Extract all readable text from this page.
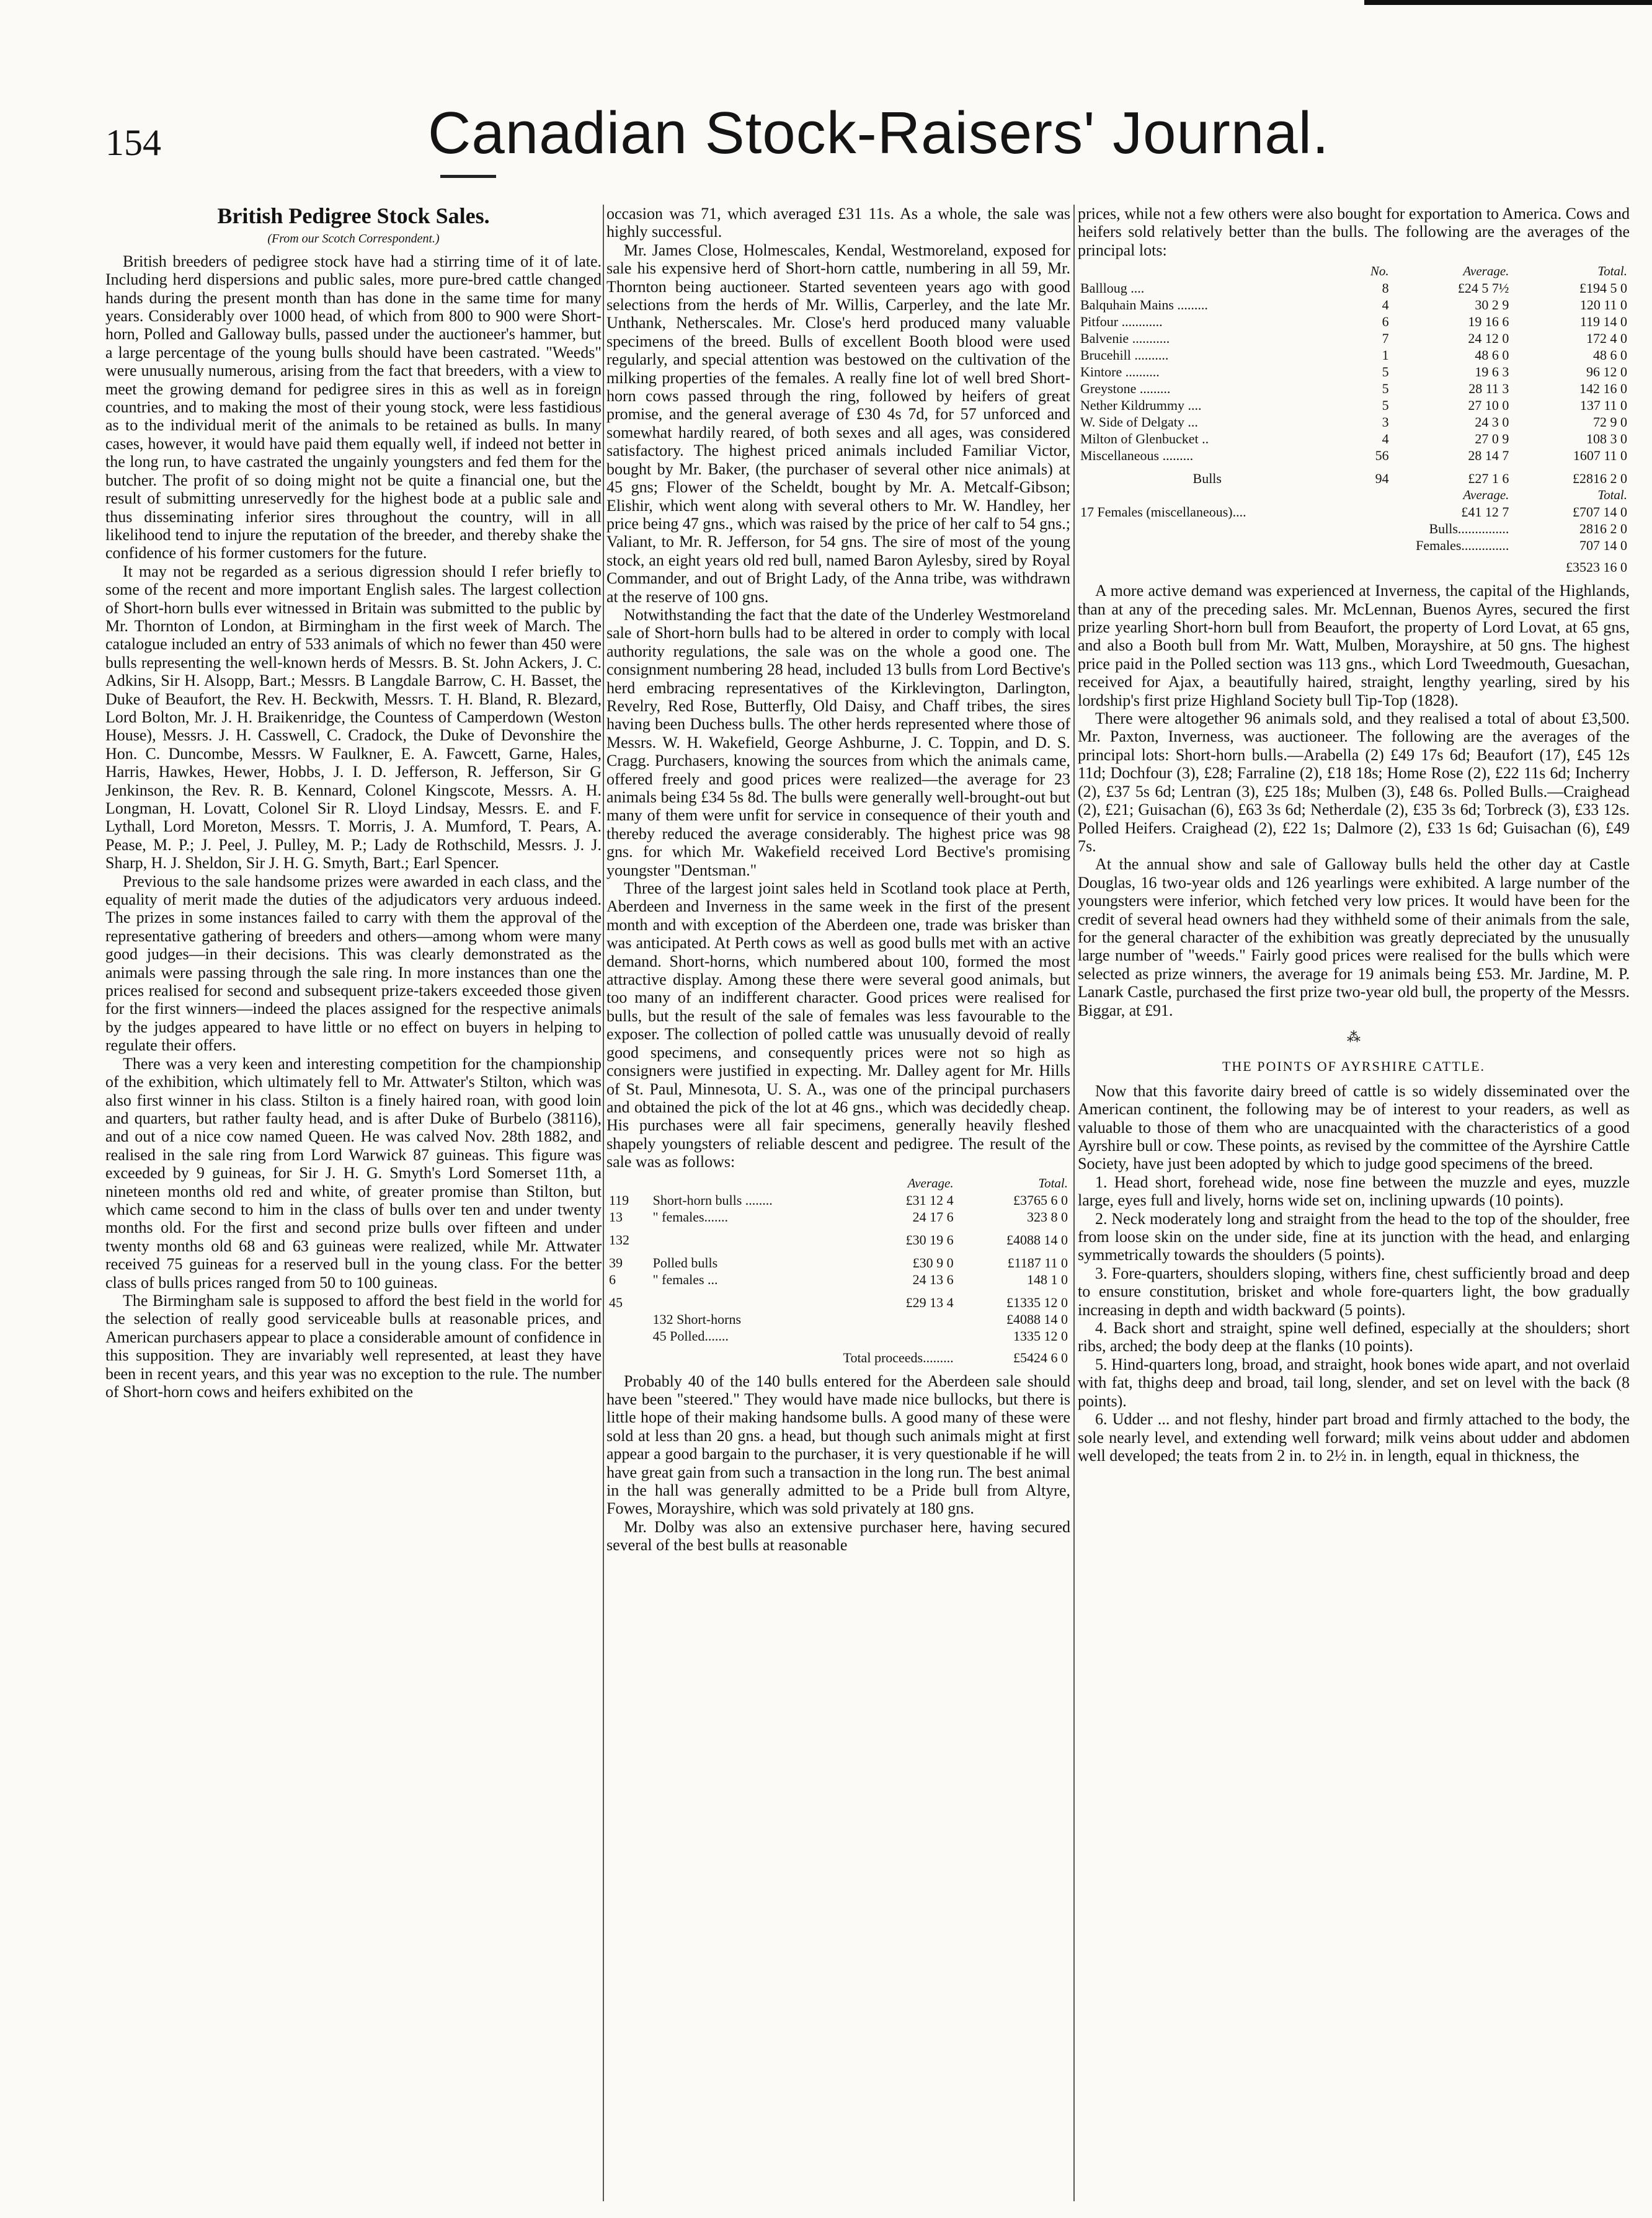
154	Canadian Stock-Raisers' Journal.
British Pedigree Stock Sales.
(From our Scotch Correspondent.)

British breeders of pedigree stock have had a stirring time of it of late. Including herd dispersions and public sales, more pure-bred cattle changed hands during the present month than has done in the same time for many years. Considerably over 1000 head, of which from 800 to 900 were Short-horn, Polled and Galloway bulls, passed under the auctioneer's hammer, but a large percentage of the young bulls should have been castrated. "Weeds" were unusually numerous, arising from the fact that breeders, with a view to meet the growing demand for pedigree sires in this as well as in foreign countries, and to making the most of their young stock, were less fastidious as to the individual merit of the animals to be retained as bulls. In many cases, however, it would have paid them equally well, if indeed not better in the long run, to have castrated the ungainly youngsters and fed them for the butcher. The profit of so doing might not be quite a financial one, but the result of submitting unreservedly for the highest bode at a public sale and thus disseminating inferior sires throughout the country, will in all likelihood tend to injure the reputation of the breeder, and thereby shake the confidence of his former customers for the future.

It may not be regarded as a serious digression should I refer briefly to some of the recent and more important English sales. The largest collection of Short-horn bulls ever witnessed in Britain was submitted to the public by Mr. Thornton of London, at Birmingham in the first week of March. The catalogue included an entry of 533 animals of which no fewer than 450 were bulls representing the well-known herds of Messrs. B. St. John Ackers, J. C. Adkins, Sir H. Alsopp, Bart.; Messrs. B Langdale Barrow, C. H. Basset, the Duke of Beaufort, the Rev. H. Beckwith, Messrs. T. H. Bland, R. Blezard, Lord Bolton, Mr. J. H. Braikenridge, the Countess of Camperdown (Weston House), Messrs. J. H. Casswell, C. Cradock, the Duke of Devonshire the Hon. C. Duncombe, Messrs. W Faulkner, E. A. Fawcett, Garne, Hales, Harris, Hawkes, Hewer, Hobbs, J. I. D. Jefferson, R. Jefferson, Sir G Jenkinson, the Rev. R. B. Kennard, Colonel Kingscote, Messrs. A. H. Longman, H. Lovatt, Colonel Sir R. Lloyd Lindsay, Messrs. E. and F. Lythall, Lord Moreton, Messrs. T. Morris, J. A. Mumford, T. Pears, A. Pease, M. P.; J. Peel, J. Pulley, M. P.; Lady de Rothschild, Messrs. J. J. Sharp, H. J. Sheldon, Sir J. H. G. Smyth, Bart.; Earl Spencer.

Previous to the sale handsome prizes were awarded in each class, and the equality of merit made the duties of the adjudicators very arduous indeed. The prizes in some instances failed to carry with them the approval of the representative gathering of breeders and others—among whom were many good judges—in their decisions. This was clearly demonstrated as the animals were passing through the sale ring. In more instances than one the prices realised for second and subsequent prize-takers exceeded those given for the first winners—indeed the places assigned for the respective animals by the judges appeared to have little or no effect on buyers in helping to regulate their offers.

There was a very keen and interesting competition for the championship of the exhibition, which ultimately fell to Mr. Attwater's Stilton, which was also first winner in his class. Stilton is a finely haired roan, with good loin and quarters, but rather faulty head, and is after Duke of Burbelo (38116), and out of a nice cow named Queen. He was calved Nov. 28th 1882, and realised in the sale ring from Lord Warwick 87 guineas. This figure was exceeded by 9 guineas, for Sir J. H. G. Smyth's Lord Somerset 11th, a nineteen months old red and white, of greater promise than Stilton, but which came second to him in the class of bulls over ten and under twenty months old. For the first and second prize bulls over fifteen and under twenty months old 68 and 63 guineas were realized, while Mr. Attwater received 75 guineas for a reserved bull in the young class. For the better class of bulls prices ranged from 50 to 100 guineas.

The Birmingham sale is supposed to afford the best field in the world for the selection of really good serviceable bulls at reasonable prices, and American purchasers appear to place a considerable amount of confidence in this supposition. They are invariably well represented, at least they have been in recent years, and this year was no exception to the rule. The number of Short-horn cows and heifers exhibited on the

occasion was 71, which averaged £31 11s. As a whole, the sale was highly successful.

Mr. James Close, Holmescales, Kendal, Westmoreland, exposed for sale his expensive herd of Short-horn cattle, numbering in all 59, Mr. Thornton being auctioneer. Started seventeen years ago with good selections from the herds of Mr. Willis, Carperley, and the late Mr. Unthank, Netherscales. Mr. Close's herd produced many valuable specimens of the breed. Bulls of excellent Booth blood were used regularly, and special attention was bestowed on the cultivation of the milking properties of the females. A really fine lot of well bred Short-horn cows passed through the ring, followed by heifers of great promise, and the general average of £30 4s 7d, for 57 unforced and somewhat hardily reared, of both sexes and all ages, was considered satisfactory. The highest priced animals included Familiar Victor, bought by Mr. Baker, (the purchaser of several other nice animals) at 45 gns; Flower of the Scheldt, bought by Mr. A. Metcalf-Gibson; Elishir, which went along with several others to Mr. W. Handley, her price being 47 gns., which was raised by the price of her calf to 54 gns.; Valiant, to Mr. R. Jefferson, for 54 gns. The sire of most of the young stock, an eight years old red bull, named Baron Aylesby, sired by Royal Commander, and out of Bright Lady, of the Anna tribe, was withdrawn at the reserve of 100 gns.

Notwithstanding the fact that the date of the Underley Westmoreland sale of Short-horn bulls had to be altered in order to comply with local authority regulations, the sale was on the whole a good one. The consignment numbering 28 head, included 13 bulls from Lord Bective's herd embracing representatives of the Kirklevington, Darlington, Revelry, Red Rose, Butterfly, Old Daisy, and Chaff tribes, the sires having been Duchess bulls. The other herds represented where those of Messrs. W. H. Wakefield, George Ashburne, J. C. Toppin, and D. S. Cragg. Purchasers, knowing the sources from which the animals came, offered freely and good prices were realized—the average for 23 animals being £34 5s 8d. The bulls were generally well-brought-out but many of them were unfit for service in consequence of their youth and thereby reduced the average considerably. The highest price was 98 gns. for which Mr. Wakefield received Lord Bective's promising youngster "Dentsman."

Three of the largest joint sales held in Scotland took place at Perth, Aberdeen and Inverness in the same week in the first of the present month and with exception of the Aberdeen one, trade was brisker than was anticipated. At Perth cows as well as good bulls met with an active demand. Short-horns, which numbered about 100, formed the most attractive display. Among these there were several good animals, but too many of an indifferent character. Good prices were realised for bulls, but the result of the sale of females was less favourable to the exposer. The collection of polled cattle was unusually devoid of really good specimens, and consequently prices were not so high as consigners were justified in expecting. Mr. Dalley agent for Mr. Hills of St. Paul, Minnesota, U. S. A., was one of the principal purchasers and obtained the pick of the lot at 46 gns., which was decidedly cheap. His purchases were all fair specimens, generally heavily fleshed shapely youngsters of reliable descent and pedigree. The result of the sale was as follows:

		Average.	Total.
119	Short-horn bulls ........	£31 12 4	£3765 6 0
13	" females.......	24 17 6	323 8 0
132		£30 19 6	£4088 14 0
39	Polled bulls	£30 9 0	£1187 11 0
6	" females ...	24 13 6	148 1 0
45		£29 13 4	£1335 12 0
	132 Short-horns		£4088 14 0
	45 Polled.......		1335 12 0
	Total proceeds.........		£5424 6 0

Probably 40 of the 140 bulls entered for the Aberdeen sale should have been "steered." They would have made nice bullocks, but there is little hope of their making handsome bulls. A good many of these were sold at less than 20 gns. a head, but though such animals might at first appear a good bargain to the purchaser, it is very questionable if he will have great gain from such a transaction in the long run. The best animal in the hall was generally admitted to be a Pride bull from Altyre, Fowes, Morayshire, which was sold privately at 180 gns.

Mr. Dolby was also an extensive purchaser here, having secured several of the best bulls at reasonable

prices, while not a few others were also bought for exportation to America. Cows and heifers sold relatively better than the bulls. The following are the averages of the principal lots:

	No.	Average.	Total.
Ballloug ....	8	£24 5 7½	£194 5 0
Balquhain Mains .........	4	30 2 9	120 11 0
Pitfour ............	6	19 16 6	119 14 0
Balvenie ...........	7	24 12 0	172 4 0
Brucehill ..........	1	48 6 0	48 6 0
Kintore ..........	5	19 6 3	96 12 0
Greystone .........	5	28 11 3	142 16 0
Nether Kildrummy ....	5	27 10 0	137 11 0
W. Side of Delgaty ...	3	24 3 0	72 9 0
Milton of Glenbucket ..	4	27 0 9	108 3 0
Miscellaneous .........	56	28 14 7	1607 11 0
Bulls	94	£27 1 6	£2816 2 0
		Average.	Total.
17 Females (miscellaneous)....		£41 12 7	£707 14 0
	Bulls...............		2816 2 0
	Females..............		707 14 0
			£3523 16 0

A more active demand was experienced at Inverness, the capital of the Highlands, than at any of the preceding sales. Mr. McLennan, Buenos Ayres, secured the first prize yearling Short-horn bull from Beaufort, the property of Lord Lovat, at 65 gns, and also a Booth bull from Mr. Watt, Mulben, Morayshire, at 50 gns. The highest price paid in the Polled section was 113 gns., which Lord Tweedmouth, Guesachan, received for Ajax, a beautifully haired, straight, lengthy yearling, sired by his lordship's first prize Highland Society bull Tip-Top (1828).

There were altogether 96 animals sold, and they realised a total of about £3,500. Mr. Paxton, Inverness, was auctioneer. The following are the averages of the principal lots: Short-horn bulls.—Arabella (2) £49 17s 6d; Beaufort (17), £45 12s 11d; Dochfour (3), £28; Farraline (2), £18 18s; Home Rose (2), £22 11s 6d; Incherry (2), £37 5s 6d; Lentran (3), £25 18s; Mulben (3), £48 6s. Polled Bulls.—Craighead (2), £21; Guisachan (6), £63 3s 6d; Netherdale (2), £35 3s 6d; Torbreck (3), £33 12s. Polled Heifers. Craighead (2), £22 1s; Dalmore (2), £33 1s 6d; Guisachan (6), £49 7s.

At the annual show and sale of Galloway bulls held the other day at Castle Douglas, 16 two-year olds and 126 yearlings were exhibited. A large number of the youngsters were inferior, which fetched very low prices. It would have been for the credit of several head owners had they withheld some of their animals from the sale, for the general character of the exhibition was greatly depreciated by the unusually large number of "weeds." Fairly good prices were realised for the bulls which were selected as prize winners, the average for 19 animals being £53. Mr. Jardine, M. P. Lanark Castle, purchased the first prize two-year old bull, the property of the Messrs. Biggar, at £91.

⁂
THE POINTS OF AYRSHIRE CATTLE.

Now that this favorite dairy breed of cattle is so widely disseminated over the American continent, the following may be of interest to your readers, as well as valuable to those of them who are unacquainted with the characteristics of a good Ayrshire bull or cow. These points, as revised by the committee of the Ayrshire Cattle Society, have just been adopted by which to judge good specimens of the breed.

1. Head short, forehead wide, nose fine between the muzzle and eyes, muzzle large, eyes full and lively, horns wide set on, inclining upwards (10 points).

2. Neck moderately long and straight from the head to the top of the shoulder, free from loose skin on the under side, fine at its junction with the head, and enlarging symmetrically towards the shoulders (5 points).

3. Fore-quarters, shoulders sloping, withers fine, chest sufficiently broad and deep to ensure constitution, brisket and whole fore-quarters light, the bow gradually increasing in depth and width backward (5 points).

4. Back short and straight, spine well defined, especially at the shoulders; short ribs, arched; the body deep at the flanks (10 points).

5. Hind-quarters long, broad, and straight, hook bones wide apart, and not overlaid with fat, thighs deep and broad, tail long, slender, and set on level with the back (8 points).

6. Udder ... and not fleshy, hinder part broad and firmly attached to the body, the sole nearly level, and extending well forward; milk veins about udder and abdomen well developed; the teats from 2 in. to 2½ in. in length, equal in thickness, the
